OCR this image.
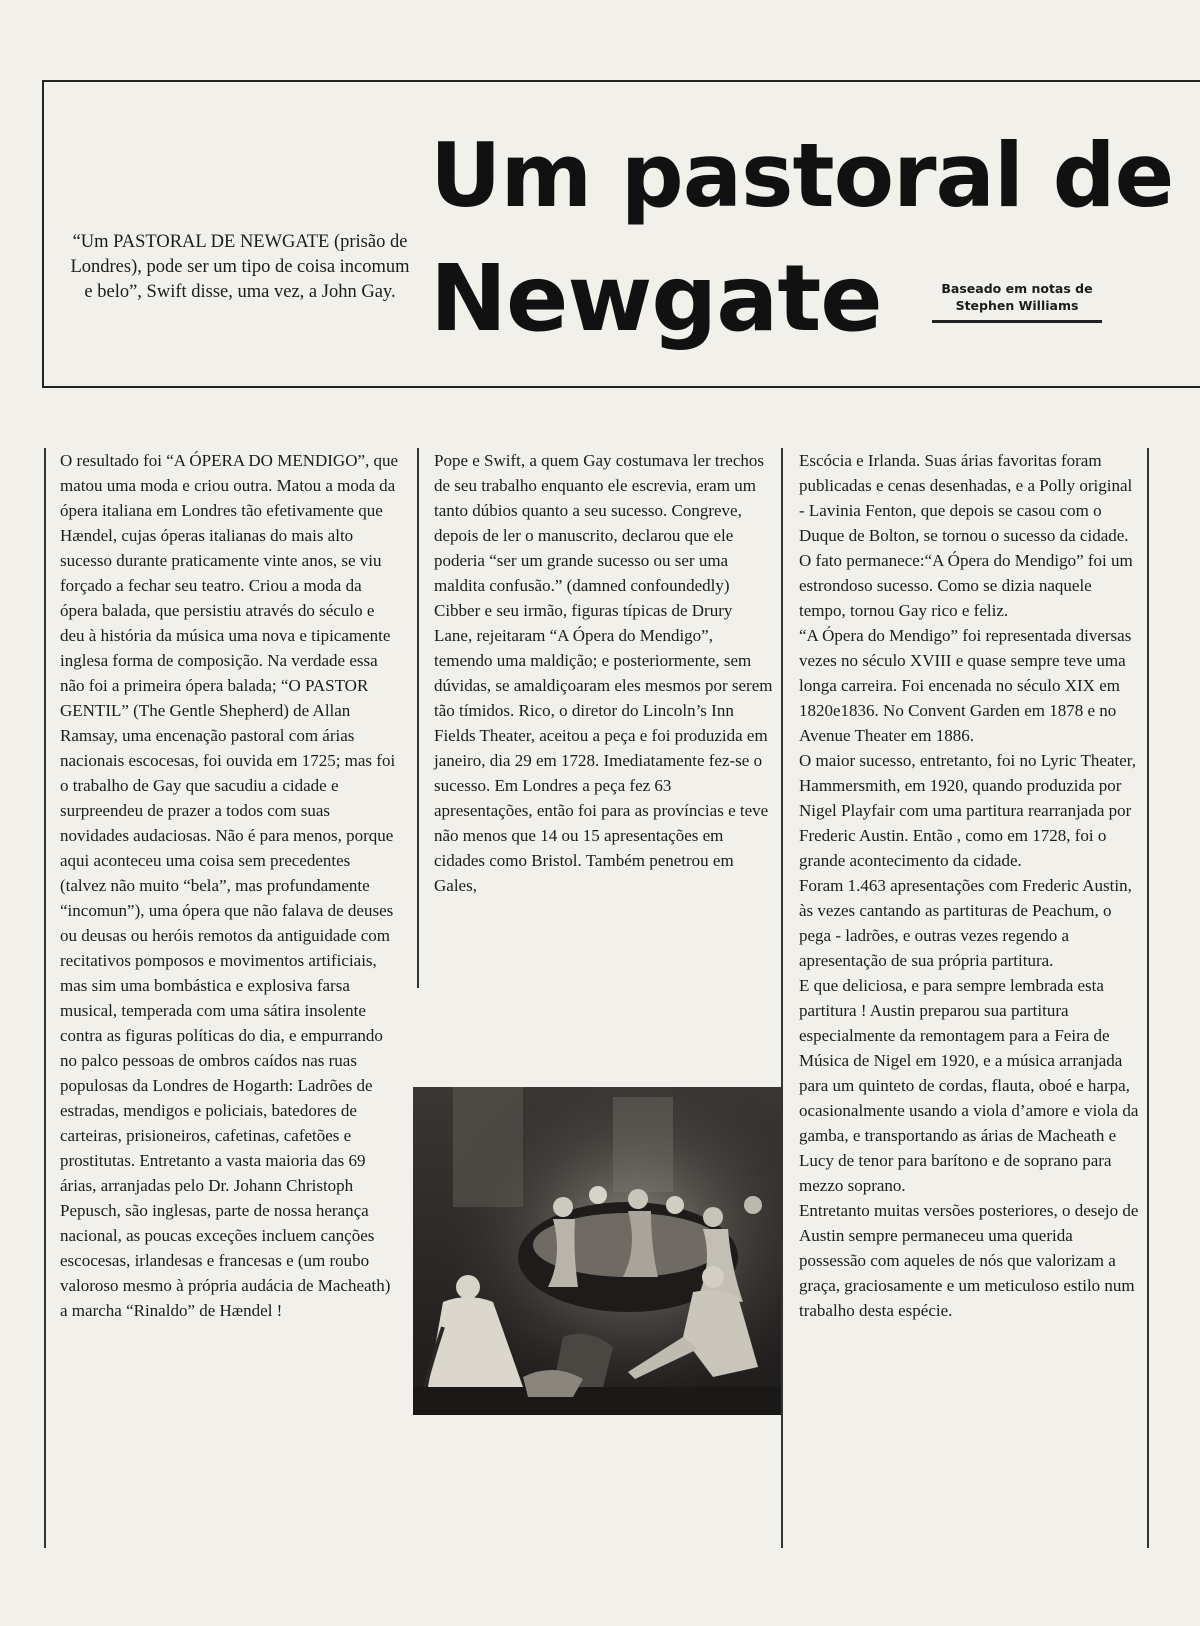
“Um PASTORAL DE NEWGATE (prisão de Londres), pode ser um tipo de coisa incomum e belo”, Swift disse, uma vez, a John Gay.
Um pastoral de
Newgate	Baseado em notas de
Stephen Williams

O resultado foi “A ÓPERA DO MENDIGO”, que matou uma moda e criou outra. Matou a moda da ópera italiana em Londres tão efetivamente que Hændel, cujas óperas italianas do mais alto sucesso durante praticamente vinte anos, se viu forçado a fechar seu teatro. Criou a moda da ópera balada, que persistiu através do século e deu à história da música uma nova e tipicamente inglesa forma de composição. Na verdade essa não foi a primeira ópera balada; “O PASTOR GENTIL” (The Gentle Shepherd) de Allan Ramsay, uma encenação pastoral com árias nacionais escocesas, foi ouvida em 1725; mas foi o trabalho de Gay que sacudiu a cidade e surpreendeu de prazer a todos com suas novidades audaciosas. Não é para menos, porque aqui aconteceu uma coisa sem precedentes (talvez não muito “bela”, mas profundamente “incomun”), uma ópera que não falava de deuses ou deusas ou heróis remotos da antiguidade com recitativos pomposos e movimentos artificiais, mas sim uma bombástica e explosiva farsa musical, temperada com uma sátira insolente contra as figuras políticas do dia, e empurrando no palco pessoas de ombros caídos nas ruas populosas da Londres de Hogarth: Ladrões de estradas, mendigos e policiais, batedores de carteiras, prisioneiros, cafetinas, cafetões e prostitutas. Entretanto a vasta maioria das 69 árias, arranjadas pelo Dr. Johann Christoph Pepusch, são inglesas, parte de nossa herança nacional, as poucas exceções incluem canções escocesas, irlandesas e francesas e (um roubo valoroso mesmo à própria audácia de Macheath) a marcha “Rinaldo” de Hændel !

Pope e Swift, a quem Gay costumava ler trechos de seu trabalho enquanto ele escrevia, eram um tanto dúbios quanto a seu sucesso. Congreve, depois de ler o manuscrito, declarou que ele poderia “ser um grande sucesso ou ser uma maldita confusão.” (damned confoundedly) Cibber e seu irmão, figuras típicas de Drury Lane, rejeitaram “A Ópera do Mendigo”, temendo uma maldição; e posteriormente, sem dúvidas, se amaldiçoaram eles mesmos por serem tão tímidos. Rico, o diretor do Lincoln’s Inn Fields Theater, aceitou a peça e foi produzida em janeiro, dia 29 em 1728. Imediatamente fez-se o sucesso. Em Londres a peça fez 63 apresentações, então foi para as províncias e teve não menos que 14 ou 15 apresentações em cidades como Bristol. Também penetrou em Gales,

Escócia e Irlanda. Suas árias favoritas foram publicadas e cenas desenhadas, e a Polly original - Lavinia Fenton, que depois se casou com o Duque de Bolton, se tornou o sucesso da cidade. O fato permanece:“A Ópera do Mendigo” foi um estrondoso sucesso. Como se dizia naquele tempo, tornou Gay rico e feliz.

“A Ópera do Mendigo” foi representada diversas vezes no século XVIII e quase sempre teve uma longa carreira. Foi encenada no século XIX em 1820e1836. No Convent Garden em 1878 e no Avenue Theater em 1886.

O maior sucesso, entretanto, foi no Lyric Theater, Hammersmith, em 1920, quando produzida por Nigel Playfair com uma partitura rearranjada por Frederic Austin. Então , como em 1728, foi o grande acontecimento da cidade.

Foram 1.463 apresentações com Frederic Austin, às vezes cantando as partituras de Peachum, o pega - ladrões, e outras vezes regendo a apresentação de sua própria partitura.

E que deliciosa, e para sempre lembrada esta partitura ! Austin preparou sua partitura especialmente da remontagem para a Feira de Música de Nigel em 1920, e a música arranjada para um quinteto de cordas, flauta, oboé e harpa, ocasionalmente usando a viola d’amore e viola da gamba, e transportando as árias de Macheath e Lucy de tenor para barítono e de soprano para mezzo soprano.

Entretanto muitas versões posteriores, o desejo de Austin sempre permaneceu uma querida possessão com aqueles de nós que valorizam a graça, graciosamente e um meticuloso estilo num trabalho desta espécie.
